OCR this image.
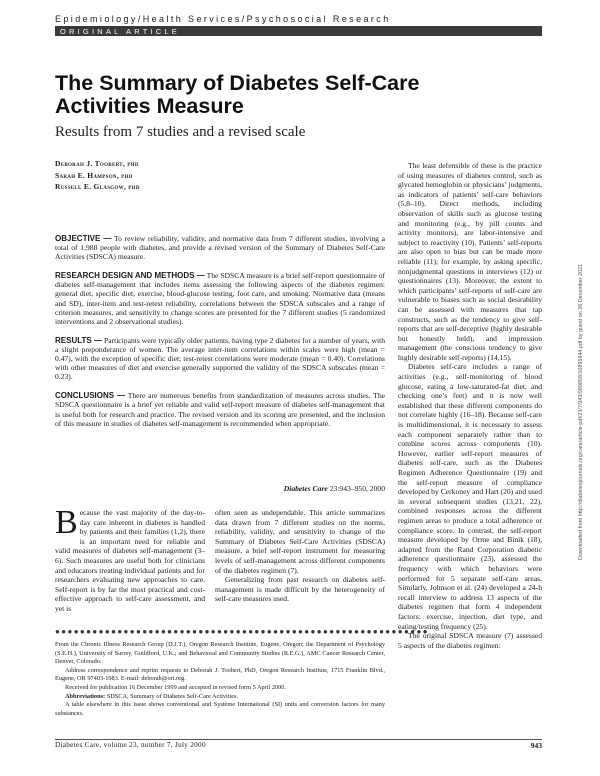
Epidemiology/Health Services/Psychosocial Research
ORIGINAL ARTICLE
The Summary of Diabetes Self-Care Activities Measure
Results from 7 studies and a revised scale
Deborah J. Toobert, phd
Sarah E. Hampson, phd
Russell E. Glasgow, phd

OBJECTIVE — To review reliability, validity, and normative data from 7 different studies, involving a total of 1,988 people with diabetes, and provide a revised version of the Summary of Diabetes Self-Care Activities (SDSCA) measure.

RESEARCH DESIGN AND METHODS — The SDSCA measure is a brief self-report questionnaire of diabetes self-management that includes items assessing the following aspects of the diabetes regimen: general diet, specific diet, exercise, blood-glucose testing, foot care, and smoking. Normative data (means and SD), inter-item and test-retest reliability, correlations between the SDSCA subscales and a range of criterion measures, and sensitivity to change scores are presented for the 7 different studies (5 randomized interventions and 2 observational studies).

RESULTS — Participants were typically older patients, having type 2 diabetes for a number of years, with a slight preponderance of women. The average inter-item correlations within scales were high (mean = 0.47), with the exception of specific diet; test-retest correlations were moderate (mean = 0.40). Correlations with other measures of diet and exercise generally supported the validity of the SDSCA subscales (mean = 0.23).

CONCLUSIONS — There are numerous benefits from standardization of measures across studies. The SDSCA questionnaire is a brief yet reliable and valid self-report measure of diabetes self-management that is useful both for research and practice. The revised version and its scoring are presented, and the inclusion of this measure in studies of diabetes self-management is recommended when appropriate.

Diabetes Care 23:943–950, 2000

Because the vast majority of the day-to-day care inherent in diabetes is handled by patients and their families (1,2), there is an important need for reliable and valid measures of diabetes self-management (3–6). Such measures are useful both for clinicians and educators treating individual patients and for researchers evaluating new approaches to care. Self-report is by far the most practical and cost-effective approach to self-care assessment, and yet is

often seen as undependable. This article summarizes data drawn from 7 different studies on the norms, reliability, validity, and sensitivity to change of the Summary of Diabetes Self-Care Activities (SDSCA) measure, a brief self-report instrument for measuring levels of self-management across different components of the diabetes regimen (7).

Generalizing from past research on diabetes self-management is made difficult by the heterogeneity of self-care measures used.

●●●●●●●●●●●●●●●●●●●●●●●●●●●●●●●●●●●●●●●●●●●●●●●●●●●●●●●●●●●●

From the Chronic Illness Research Group (D.J.T.), Oregon Research Institute, Eugene, Oregon; the Department of Psychology (S.E.H.), University of Surrey, Guildford, U.K.; and Behavioral and Community Studies (R.E.G.), AMC Cancer Research Center, Denver, Colorado.

Address correspondence and reprint requests to Deborah J. Toobert, PhD, Oregon Research Institute, 1715 Franklin Blvd., Eugene, OR 97403-1983. E-mail: deborah@ori.org.

Received for publication 16 December 1999 and accepted in revised form 5 April 2000.

Abbreviations: SDSCA, Summary of Diabetes Self-Care Activities.

A table elsewhere in this issue shows conventional and Système International (SI) units and conversion factors for many substances.

The least defensible of these is the practice of using measures of diabetes control, such as glycated hemoglobin or physicians’ judgments, as indicators of patients’ self-care behaviors (5,8–10). Direct methods, including observation of skills such as glucose testing and monitoring (e.g., by pill counts and activity monitors), are labor-intensive and subject to reactivity (10). Patients’ self-reports are also open to bias but can be made more reliable (11); for example, by asking specific, nonjudgmental questions in interviews (12) or questionnaires (13). Moreover, the extent to which participants’ self-reports of self-care are vulnerable to biases such as social desirability can be assessed with measures that tap constructs, such as the tendency to give self-reports that are self-deceptive (highly desirable but honestly held), and impression management (the conscious tendency to give highly desirable self-reports) (14,15).

Diabetes self-care includes a range of activities (e.g., self-monitoring of blood glucose, eating a low-saturated-fat diet, and checking one’s feet) and it is now well established that these different components do not correlate highly (16–18). Because self-care is multidimensional, it is necessary to assess each component separately rather than to combine scores across components (10). However, earlier self-report measures of diabetes self-care, such as the Diabetes Regimen Adherence Questionnaire (19) and the self-report measure of compliance developed by Cerkoney and Hart (20) and used in several subsequent studies (13,21, 22), combined responses across the different regimen areas to produce a total adherence or compliance score. In contrast, the self-report measure developed by Orme and Binik (18), adapted from the Rand Corporation diabetic adherence questionnaire (23), assessed the frequency with which behaviors were performed for 5 separate self-care areas. Similarly, Johnson et al. (24) developed a 24-h recall interview to address 13 aspects of the diabetes regimen that form 4 independent factors: exercise, injection, diet type, and eating/testing frequency (25).

The original SDSCA measure (7) assessed 5 aspects of the diabetes regimen:

Downloaded from http://diabetesjournals.org/care/article-pdf/23/7/943/589858/10895844.pdf by guest on 26 December 2021
Diabetes Care, volume 23, number 7, July 2000	943
